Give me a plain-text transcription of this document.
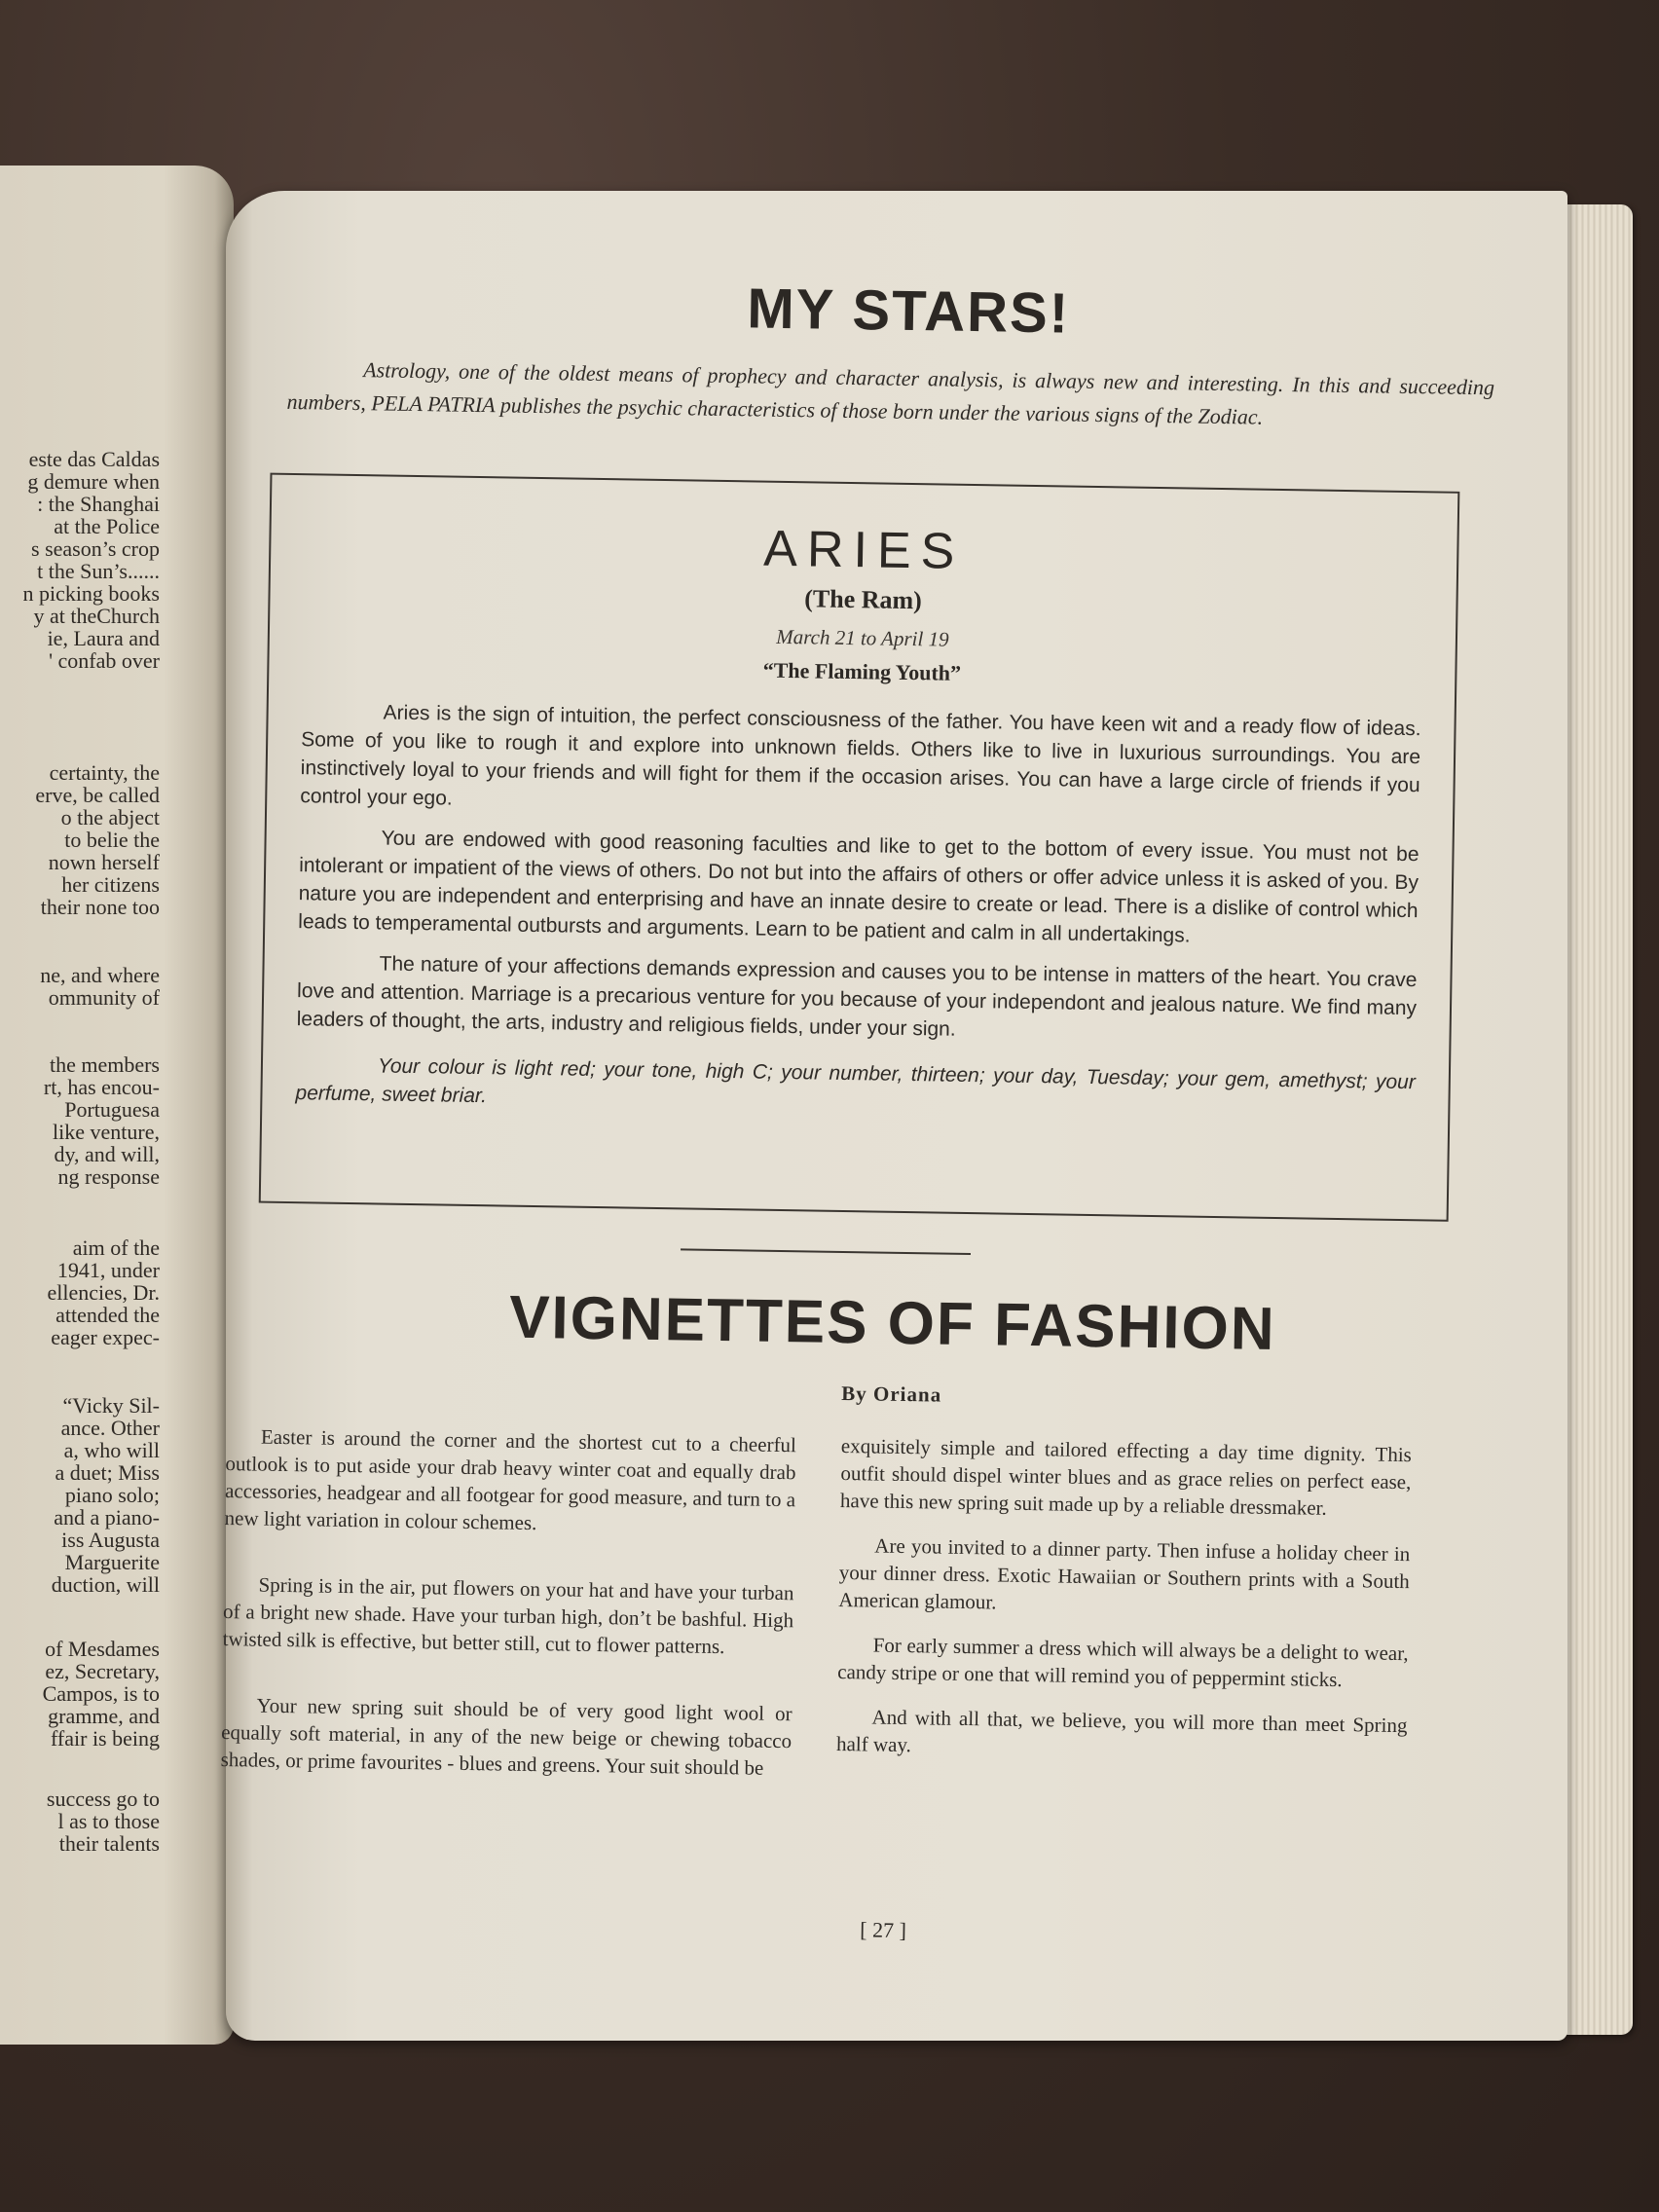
este das Caldas
g demure when
: the Shanghai
at the Police
s season’s crop
t the Sun’s......
n picking books
y at theChurch
ie, Laura and
' confab over
certainty, the
erve, be called
o the abject
to belie the
nown herself
her citizens
their none too
ne, and where
ommunity of
the members
rt, has encou-
Portuguesa
like venture,
dy, and will,
ng response
aim of the
1941, under
ellencies, Dr.
attended the
eager expec-
“Vicky Sil-
ance. Other
a, who will
a duet; Miss
piano solo;
and a piano-
iss Augusta
Marguerite
duction, will
of Mesdames
ez, Secretary,
Campos, is to
gramme, and
ffair is being
success go to
l as to those
their talents
MY STARS!
Astrology, one of the oldest means of prophecy and character analysis, is always new and interesting. In this and succeeding numbers, PELA PATRIA publishes the psychic characteristics of those born under the various signs of the Zodiac.
ARIES
(The Ram)
March 21 to April 19
“The Flaming Youth”

Aries is the sign of intuition, the perfect consciousness of the father. You have keen wit and a ready flow of ideas. Some of you like to rough it and explore into unknown fields. Others like to live in luxurious surroundings. You are instinctively loyal to your friends and will fight for them if the occasion arises. You can have a large circle of friends if you control your ego.

You are endowed with good reasoning faculties and like to get to the bottom of every issue. You must not be intolerant or impatient of the views of others. Do not but into the affairs of others or offer advice unless it is asked of you. By nature you are independent and enterprising and have an innate desire to create or lead. There is a dislike of control which leads to temperamental outbursts and arguments. Learn to be patient and calm in all undertakings.

The nature of your affections demands expression and causes you to be intense in matters of the heart. You crave love and attention. Marriage is a precarious venture for you because of your independont and jealous nature. We find many leaders of thought, the arts, industry and religious fields, under your sign.

Your colour is light red; your tone, high C; your number, thirteen; your day, Tuesday; your gem, amethyst; your perfume, sweet briar.

VIGNETTES OF FASHION
By Oriana

Easter is around the corner and the shortest cut to a cheerful outlook is to put aside your drab heavy winter coat and equally drab accessories, headgear and all footgear for good measure, and turn to a new light variation in colour schemes.

Spring is in the air, put flowers on your hat and have your turban of a bright new shade. Have your turban high, don’t be bashful. High twisted silk is effective, but better still, cut to flower patterns.

Your new spring suit should be of very good light wool or equally soft material, in any of the new beige or chewing tobacco shades, or prime favourites - blues and greens. Your suit should be

exquisitely simple and tailored effecting a day time dignity. This outfit should dispel winter blues and as grace relies on perfect ease, have this new spring suit made up by a reliable dressmaker.

Are you invited to a dinner party. Then infuse a holiday cheer in your dinner dress. Exotic Hawaiian or Southern prints with a South American glamour.

For early summer a dress which will always be a delight to wear, candy stripe or one that will remind you of peppermint sticks.

And with all that, we believe, you will more than meet Spring half way.

[ 27 ]
